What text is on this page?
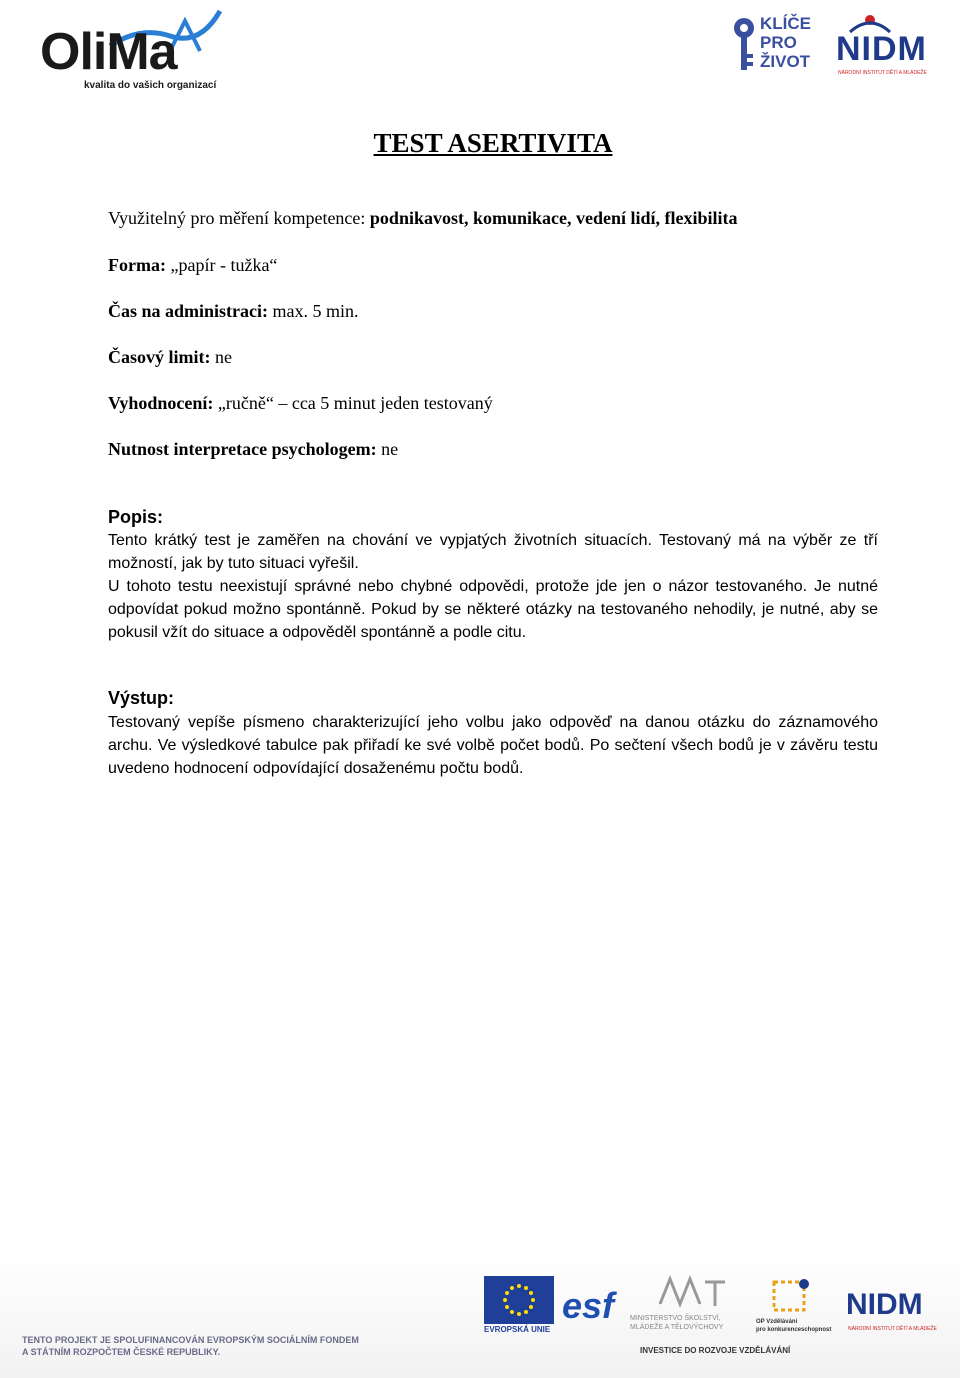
OliΜa
kvalita do vašich organizací
KLÍČE
PRO
ŽIVOT NIDM
NÁRODNÍ INSTITUT DĚTÍ A MLÁDEŽE
TEST ASERTIVITA
Využitelný pro měření kompetence: podnikavost, komunikace, vedení lidí, flexibilita
Forma: „papír - tužka“
Čas na administraci: max. 5 min.
Časový limit: ne
Vyhodnocení: „ručně“ – cca 5 minut jeden testovaný
Nutnost interpretace psychologem: ne
Popis:
Tento krátký test je zaměřen na chování ve vypjatých životních situacích. Testovaný má na výběr ze tří možností, jak by tuto situaci vyřešil.
U tohoto testu neexistují správné nebo chybné odpovědi, protože jde jen o názor testovaného. Je nutné odpovídat pokud možno spontánně. Pokud by se některé otázky na testovaného nehodily, je nutné, aby se pokusil vžít do situace a odpověděl spontánně a podle citu.
Výstup:
Testovaný vepíše písmeno charakterizující jeho volbu jako odpověď na danou otázku do záznamového archu. Ve výsledkové tabulce pak přiřadí ke své volbě počet bodů. Po sečtení všech bodů je v závěru testu uvedeno hodnocení odpovídající dosaženému počtu bodů.
TENTO PROJEKT JE SPOLUFINANCOVÁN EVROPSKÝM SOCIÁLNÍM FONDEM
A STÁTNÍM ROZPOČTEM ČESKÉ REPUBLIKY.
EVROPSKÁ UNIE
esf MINISTERSTVO ŠKOLSTVÍ,
MLÁDEŽE A TĚLOVÝCHOVY
OP Vzdělávání
pro konkurenceschopnost
NIDM
NÁRODNÍ INSTITUT DĚTÍ A MLÁDEŽE
INVESTICE DO ROZVOJE VZDĚLÁVÁNÍ
